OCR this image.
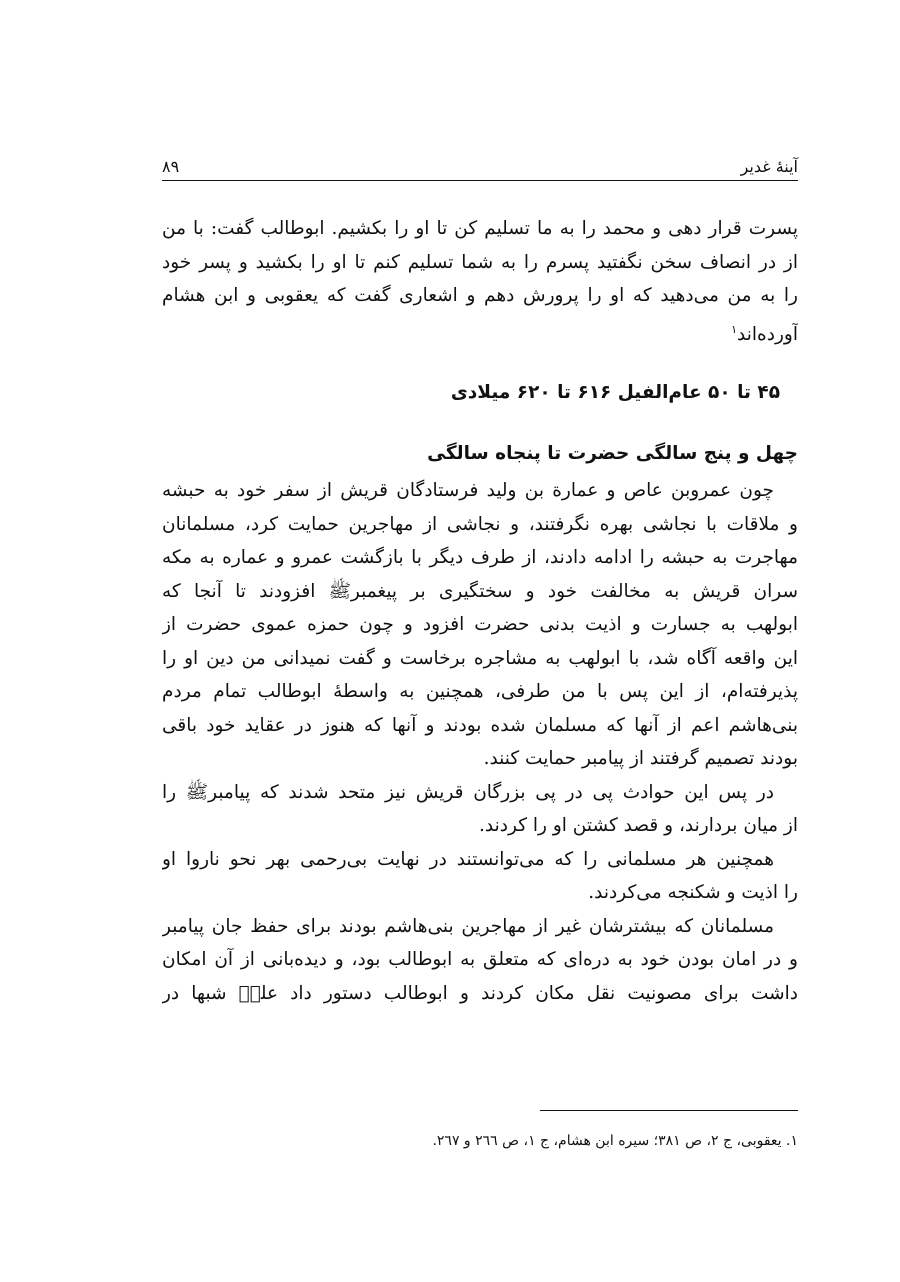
آینهٔ غدیر
۸۹
پسرت قرار دهی و محمد را به ما تسلیم کن تا او را بکشیم. ابوطالب گفت: با من
از در انصاف سخن نگفتید پسرم را به شما تسلیم کنم تا او را بکشید و پسر خود
را به من می‌دهید که او را پرورش دهم و اشعاری گفت که یعقوبی و ابن هشام
آورده‌اند$^۱$
۴۵ تا ۵۰ عام‌الفیل ۶۱۶ تا ۶۲۰ میلادی
چهل و پنج سالگی حضرت تا پنجاه سالگی
چون عمروبن عاص و عمارة بن ولید فرستادگان قریش از سفر خود به حبشه
و ملاقات با نجاشی بهره نگرفتند، و نجاشی از مهاجرین حمایت کرد، مسلمانان
مهاجرت به حبشه را ادامه دادند، از طرف دیگر با بازگشت عمرو و عماره به مکه
سران قریش به مخالفت خود و سختگیری بر پیغمبرﷺ افزودند تا آنجا که
ابولهب به جسارت و اذیت بدنی حضرت افزود و چون حمزه عموی حضرت از
این واقعه آگاه شد، با ابولهب به مشاجره برخاست و گفت نمیدانی من دین او را
پذیرفته‌ام، از این پس با من طرفی، همچنین به واسطهٔ ابوطالب تمام مردم
بنی‌هاشم اعم از آنها که مسلمان شده بودند و آنها که هنوز در عقاید خود باقی
بودند تصمیم گرفتند از پیامبر حمایت کنند.
در پس این حوادث پی در پی بزرگان قریش نیز متحد شدند که پیامبرﷺ را
از میان بردارند، و قصد کشتن او را کردند.
همچنین هر مسلمانی را که می‌توانستند در نهایت بی‌رحمی بهر نحو ناروا او
را اذیت و شکنجه می‌کردند.
مسلمانان که بیشترشان غیر از مهاجرین بنی‌هاشم بودند برای حفظ جان پیامبر
و در امان بودن خود به دره‌ای که متعلق به ابوطالب بود، و دیده‌بانی از آن امکان
داشت برای مصونیت نقل مکان کردند و ابوطالب دستور داد علیؑ شبها در
۱. یعقوبی، ج ۲، ص ۳۸۱؛ سیره ابن هشام، ج ۱، ص ۲٦٦ و ۲٦۷.
